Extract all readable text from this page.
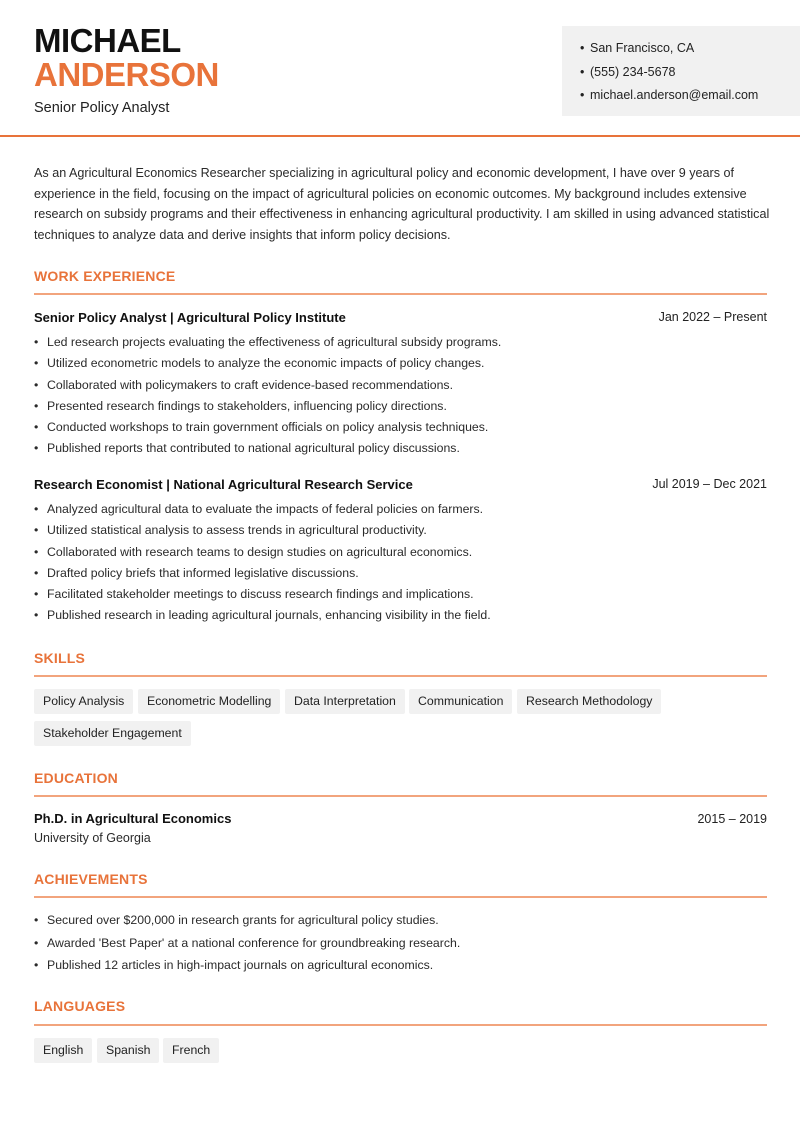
MICHAEL
ANDERSON
Senior Policy Analyst
• San Francisco, CA
• (555) 234-5678
• michael.anderson@email.com

As an Agricultural Economics Researcher specializing in agricultural policy and economic development, I have over 9 years of experience in the field, focusing on the impact of agricultural policies on economic outcomes. My background includes extensive research on subsidy programs and their effectiveness in enhancing agricultural productivity. I am skilled in using advanced statistical techniques to analyze data and derive insights that inform policy decisions.

WORK EXPERIENCE
Senior Policy Analyst | Agricultural Policy Institute	Jan 2022 – Present
• Led research projects evaluating the effectiveness of agricultural subsidy programs.
• Utilized econometric models to analyze the economic impacts of policy changes.
• Collaborated with policymakers to craft evidence-based recommendations.
• Presented research findings to stakeholders, influencing policy directions.
• Conducted workshops to train government officials on policy analysis techniques.
• Published reports that contributed to national agricultural policy discussions.
Research Economist | National Agricultural Research Service	Jul 2019 – Dec 2021
• Analyzed agricultural data to evaluate the impacts of federal policies on farmers.
• Utilized statistical analysis to assess trends in agricultural productivity.
• Collaborated with research teams to design studies on agricultural economics.
• Drafted policy briefs that informed legislative discussions.
• Facilitated stakeholder meetings to discuss research findings and implications.
• Published research in leading agricultural journals, enhancing visibility in the field.
SKILLS
Policy Analysis	Econometric Modelling	Data Interpretation	Communication	Research Methodology
Stakeholder Engagement
EDUCATION
Ph.D. in Agricultural Economics
University of Georgia
2015 – 2019
ACHIEVEMENTS
• Secured over $200,000 in research grants for agricultural policy studies.
• Awarded 'Best Paper' at a national conference for groundbreaking research.
• Published 12 articles in high-impact journals on agricultural economics.
LANGUAGES
English	Spanish	French
